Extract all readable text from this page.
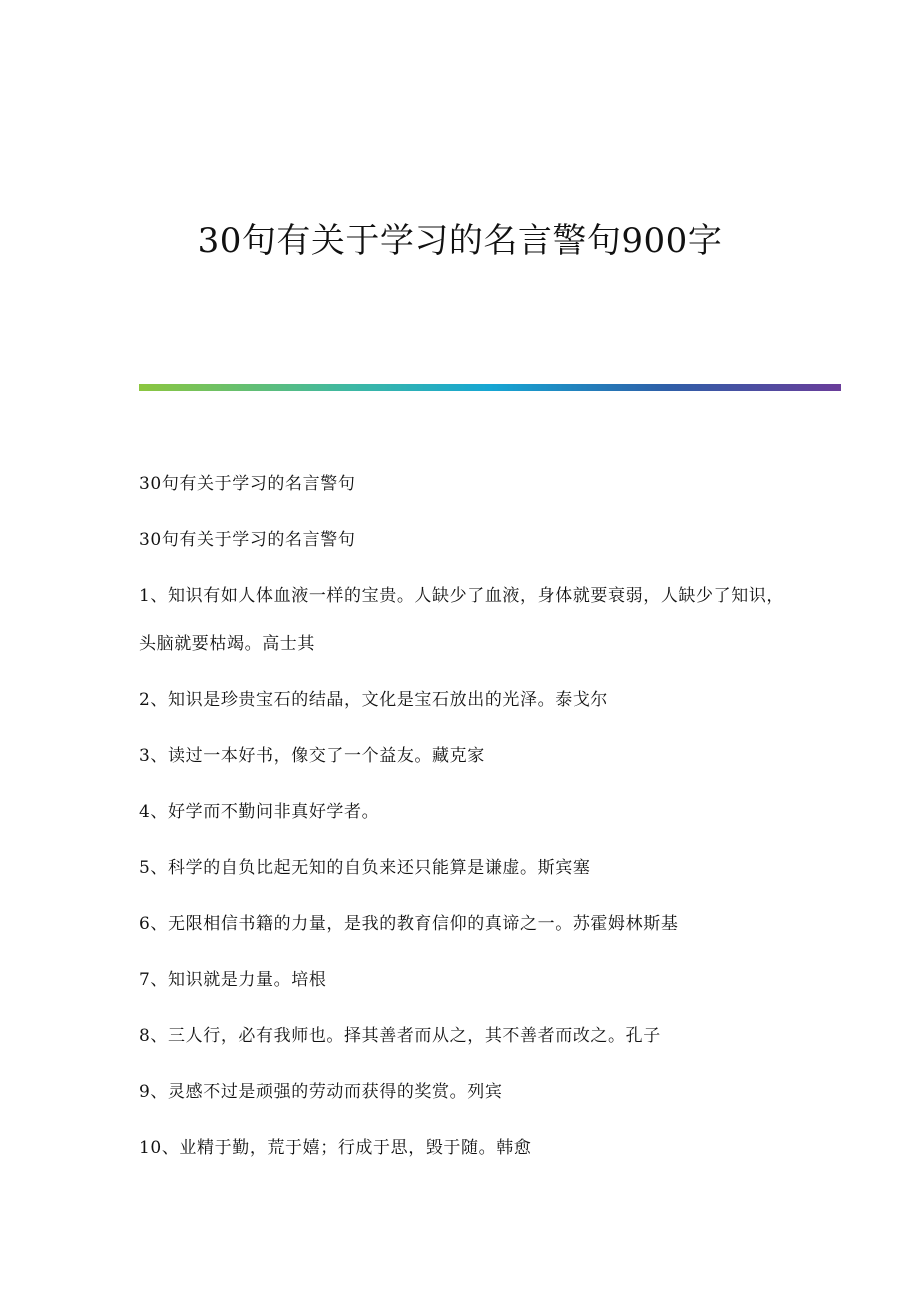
30句有关于学习的名言警句900字

30句有关于学习的名言警句

30句有关于学习的名言警句

1、知识有如人体血液一样的宝贵。人缺少了血液，身体就要衰弱，人缺少了知识，头脑就要枯竭。高士其

2、知识是珍贵宝石的结晶，文化是宝石放出的光泽。泰戈尔

3、读过一本好书，像交了一个益友。藏克家

4、好学而不勤问非真好学者。

5、科学的自负比起无知的自负来还只能算是谦虚。斯宾塞

6、无限相信书籍的力量，是我的教育信仰的真谛之一。苏霍姆林斯基

7、知识就是力量。培根

8、三人行，必有我师也。择其善者而从之，其不善者而改之。孔子

9、灵感不过是顽强的劳动而获得的奖赏。列宾

10、业精于勤，荒于嬉；行成于思，毁于随。韩愈
